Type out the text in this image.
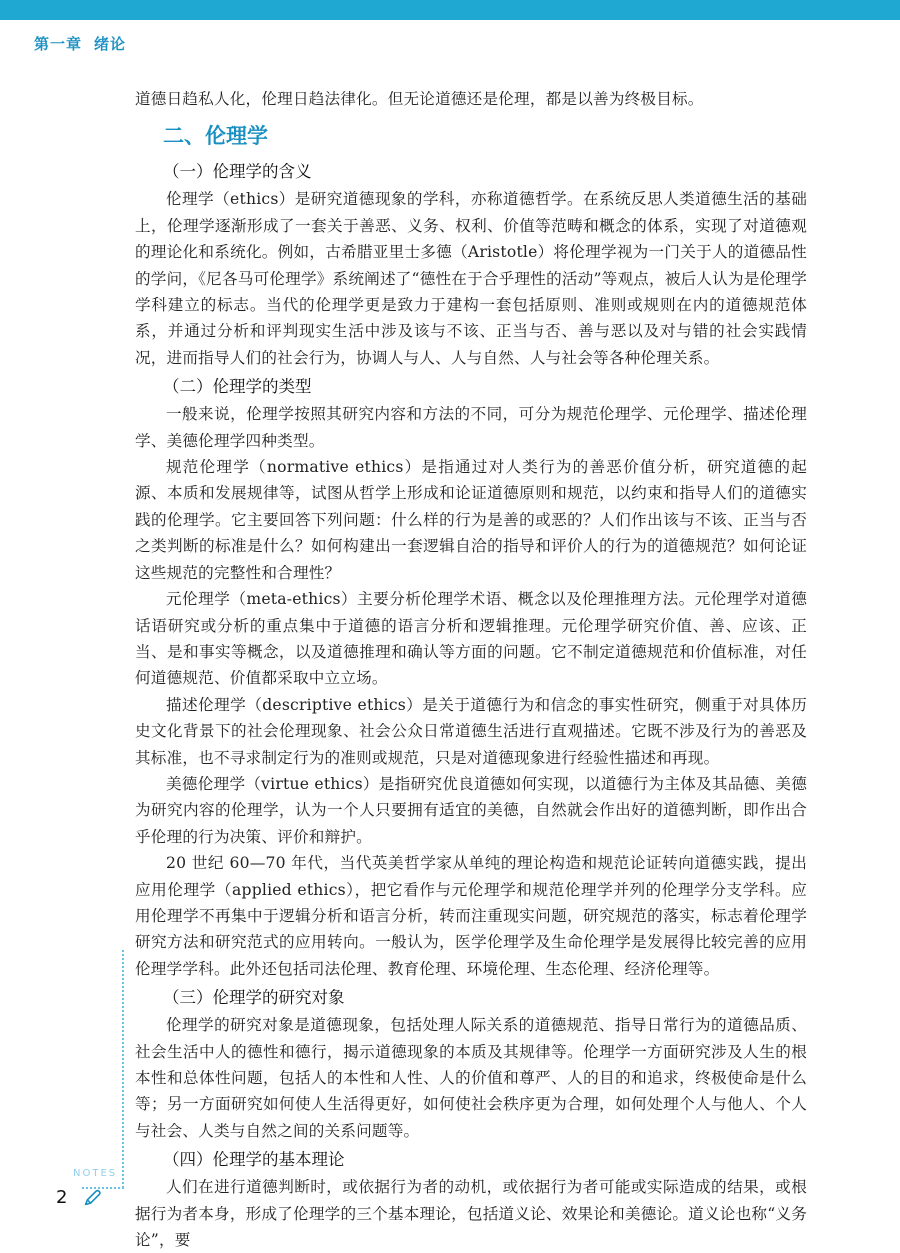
第一章 绪论

道德日趋私人化，伦理日趋法律化。但无论道德还是伦理，都是以善为终极目标。

二、伦理学
（一）伦理学的含义

伦理学（ethics）是研究道德现象的学科，亦称道德哲学。在系统反思人类道德生活的基础上，伦理学逐渐形成了一套关于善恶、义务、权利、价值等范畴和概念的体系，实现了对道德观的理论化和系统化。例如，古希腊亚里士多德（Aristotle）将伦理学视为一门关于人的道德品性的学问，《尼各马可伦理学》系统阐述了“德性在于合乎理性的活动”等观点，被后人认为是伦理学学科建立的标志。当代的伦理学更是致力于建构一套包括原则、准则或规则在内的道德规范体系，并通过分析和评判现实生活中涉及该与不该、正当与否、善与恶以及对与错的社会实践情况，进而指导人们的社会行为，协调人与人、人与自然、人与社会等各种伦理关系。

（二）伦理学的类型

一般来说，伦理学按照其研究内容和方法的不同，可分为规范伦理学、元伦理学、描述伦理学、美德伦理学四种类型。

规范伦理学（normative ethics）是指通过对人类行为的善恶价值分析，研究道德的起源、本质和发展规律等，试图从哲学上形成和论证道德原则和规范，以约束和指导人们的道德实践的伦理学。它主要回答下列问题：什么样的行为是善的或恶的？人们作出该与不该、正当与否之类判断的标准是什么？如何构建出一套逻辑自洽的指导和评价人的行为的道德规范？如何论证这些规范的完整性和合理性？

元伦理学（meta-ethics）主要分析伦理学术语、概念以及伦理推理方法。元伦理学对道德话语研究或分析的重点集中于道德的语言分析和逻辑推理。元伦理学研究价值、善、应该、正当、是和事实等概念，以及道德推理和确认等方面的问题。它不制定道德规范和价值标准，对任何道德规范、价值都采取中立立场。

描述伦理学（descriptive ethics）是关于道德行为和信念的事实性研究，侧重于对具体历史文化背景下的社会伦理现象、社会公众日常道德生活进行直观描述。它既不涉及行为的善恶及其标准，也不寻求制定行为的准则或规范，只是对道德现象进行经验性描述和再现。

美德伦理学（virtue ethics）是指研究优良道德如何实现，以道德行为主体及其品德、美德为研究内容的伦理学，认为一个人只要拥有适宜的美德，自然就会作出好的道德判断，即作出合乎伦理的行为决策、评价和辩护。

20 世纪 60—70 年代，当代英美哲学家从单纯的理论构造和规范论证转向道德实践，提出应用伦理学（applied ethics），把它看作与元伦理学和规范伦理学并列的伦理学分支学科。应用伦理学不再集中于逻辑分析和语言分析，转而注重现实问题，研究规范的落实，标志着伦理学研究方法和研究范式的应用转向。一般认为，医学伦理学及生命伦理学是发展得比较完善的应用伦理学学科。此外还包括司法伦理、教育伦理、环境伦理、生态伦理、经济伦理等。

（三）伦理学的研究对象

伦理学的研究对象是道德现象，包括处理人际关系的道德规范、指导日常行为的道德品质、社会生活中人的德性和德行，揭示道德现象的本质及其规律等。伦理学一方面研究涉及人生的根本性和总体性问题，包括人的本性和人性、人的价值和尊严、人的目的和追求，终极使命是什么等；另一方面研究如何使人生活得更好，如何使社会秩序更为合理，如何处理个人与他人、个人与社会、人类与自然之间的关系问题等。

（四）伦理学的基本理论

人们在进行道德判断时，或依据行为者的动机，或依据行为者可能或实际造成的结果，或根据行为者本身，形成了伦理学的三个基本理论，包括道义论、效果论和美德论。道义论也称“义务论”，要

NOTES
2
